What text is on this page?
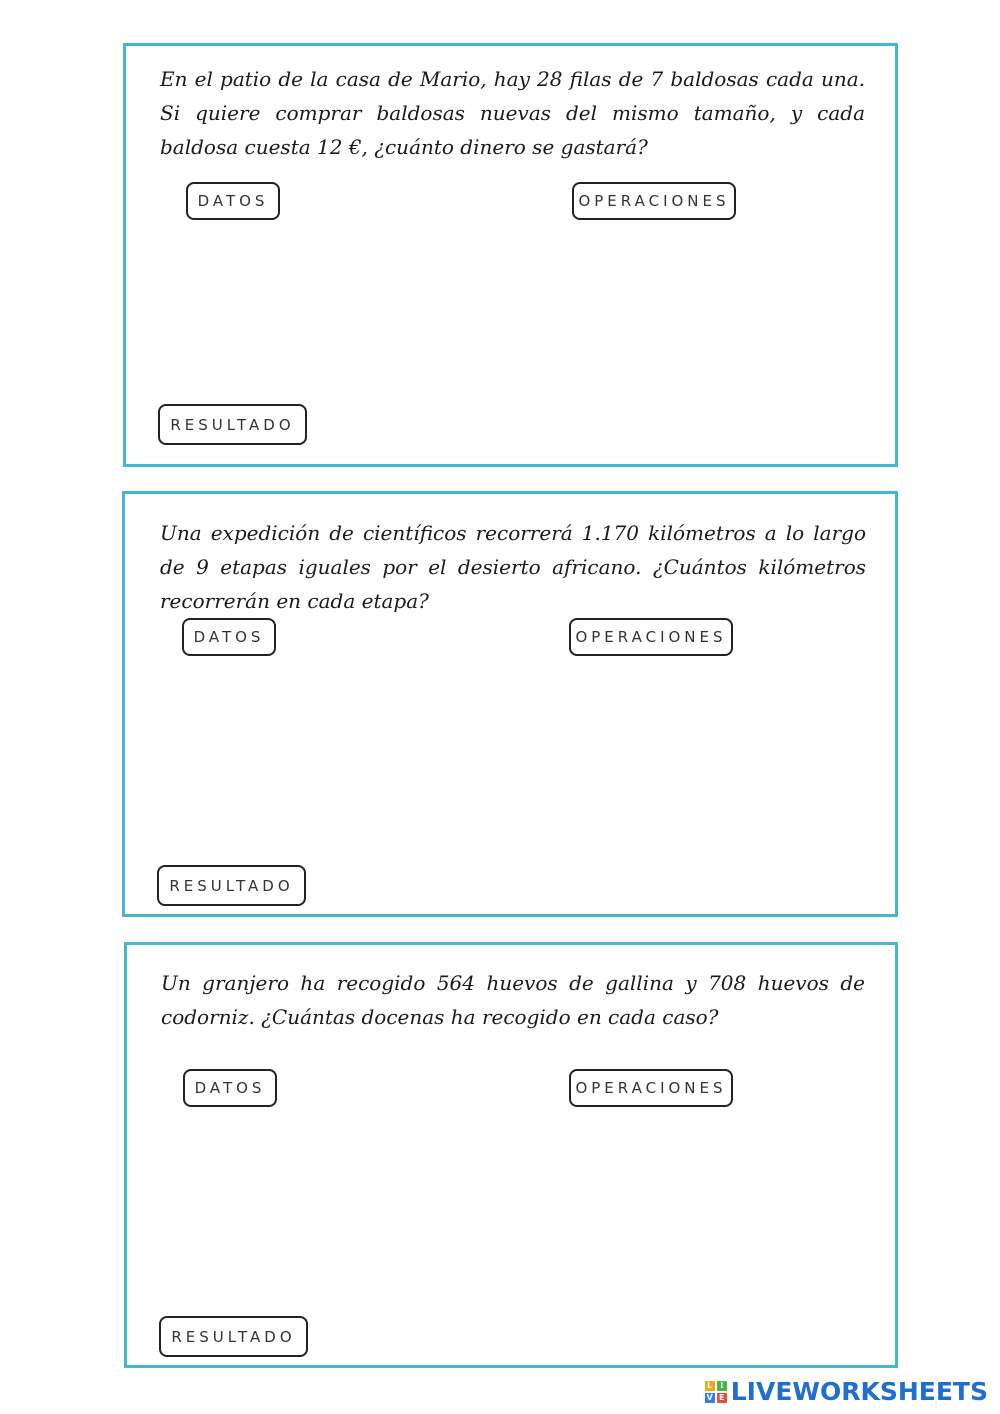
En el patio de la casa de Mario, hay 28 filas de 7 baldosas cada una. Si quiere comprar baldosas nuevas del mismo tamaño, y cada baldosa cuesta 12 €, ¿cuánto dinero se gastará?
DATOS	OPERACIONES
RESULTADO
Una expedición de científicos recorrerá 1.170 kilómetros a lo largo de 9 etapas iguales por el desierto africano. ¿Cuántos kilómetros recorrerán en cada etapa?
DATOS	OPERACIONES
RESULTADO
Un granjero ha recogido 564 huevos de gallina y 708 huevos de codorniz. ¿Cuántas docenas ha recogido en cada caso?
DATOS	OPERACIONES
RESULTADO
L I
V E LIVEWORKSHEETS
